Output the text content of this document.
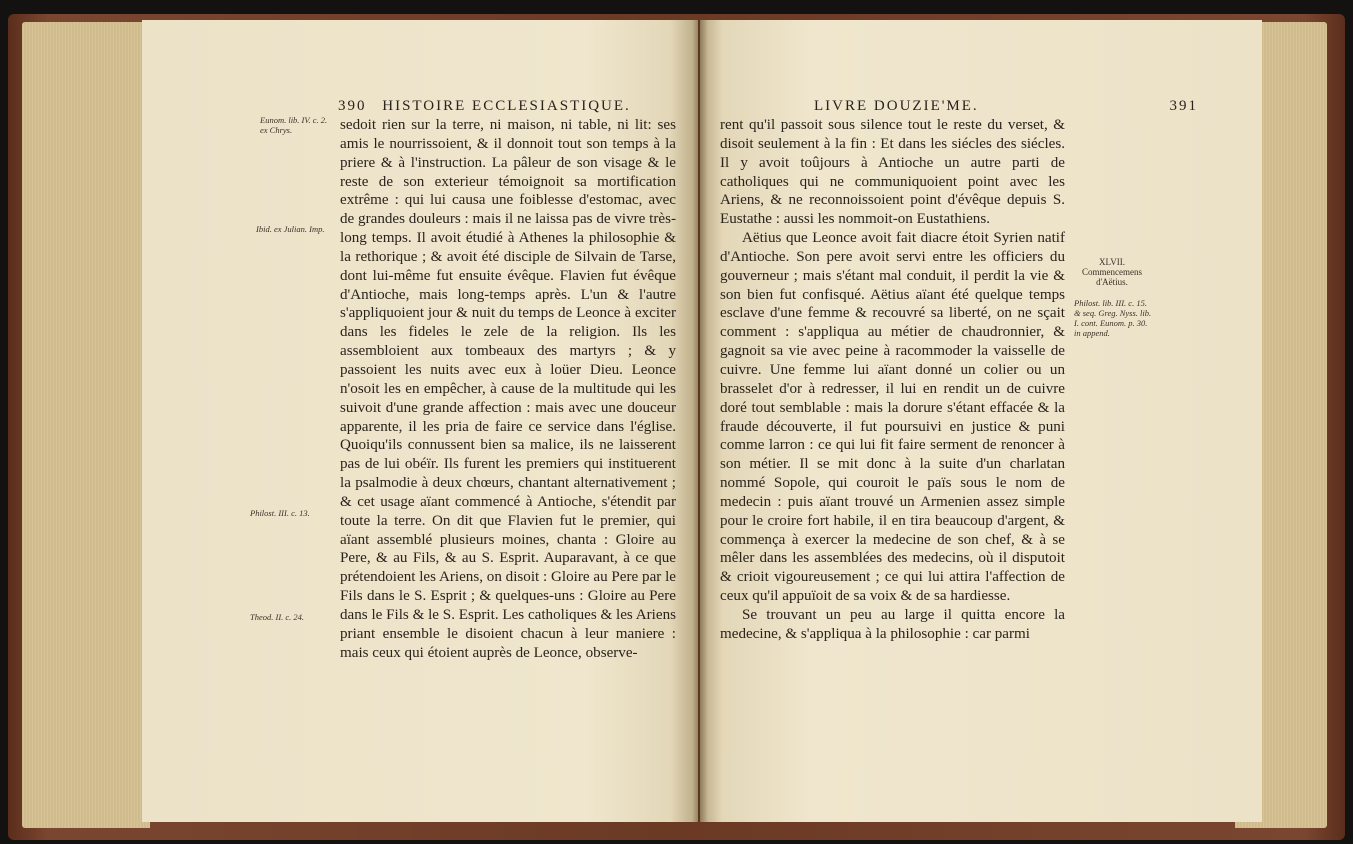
390 HISTOIRE ECCLESIASTIQUE.
Eunom. lib. IV. c. 2. ex Chrys.
Ibid. ex Julian. Imp.
Philost. III. c. 13.
Theod. II. c. 24.

sedoit rien sur la terre, ni maison, ni table, ni lit: ses amis le nourrissoient, & il donnoit tout son temps à la priere & à l'instruction. La pâleur de son visage & le reste de son exterieur témoignoit sa mortification extrême : qui lui causa une foiblesse d'estomac, avec de grandes douleurs : mais il ne laissa pas de vivre très-long temps. Il avoit étudié à Athenes la philosophie & la rethorique ; & avoit été disciple de Silvain de Tarse, dont lui-même fut ensuite évêque. Flavien fut évêque d'Antioche, mais long-temps après. L'un & l'autre s'appliquoient jour & nuit du temps de Leonce à exciter dans les fideles le zele de la religion. Ils les assembloient aux tombeaux des martyrs ; & y passoient les nuits avec eux à loüer Dieu. Leonce n'osoit les en empêcher, à cause de la multitude qui les suivoit d'une grande affection : mais avec une douceur apparente, il les pria de faire ce service dans l'église. Quoiqu'ils connussent bien sa malice, ils ne laisserent pas de lui obéïr. Ils furent les premiers qui instituerent la psalmodie à deux chœurs, chantant alternativement ; & cet usage aïant commencé à Antioche, s'étendit par toute la terre. On dit que Flavien fut le premier, qui aïant assemblé plusieurs moines, chanta : Gloire au Pere, & au Fils, & au S. Esprit. Auparavant, à ce que prétendoient les Ariens, on disoit : Gloire au Pere par le Fils dans le S. Esprit ; & quelques-uns : Gloire au Pere dans le Fils & le S. Esprit. Les catholiques & les Ariens priant ensemble le disoient chacun à leur maniere : mais ceux qui étoient auprès de Leonce, observe-

LIVRE DOUZIE'ME.	391

rent qu'il passoit sous silence tout le reste du verset, & disoit seulement à la fin : Et dans les siécles des siécles. Il y avoit toûjours à Antioche un autre parti de catholiques qui ne communiquoient point avec les Ariens, & ne reconnoissoient point d'évêque depuis S. Eustathe : aussi les nommoit-on Eustathiens.

Aëtius que Leonce avoit fait diacre étoit Syrien natif d'Antioche. Son pere avoit servi entre les officiers du gouverneur ; mais s'étant mal conduit, il perdit la vie & son bien fut confisqué. Aëtius aïant été quelque temps esclave d'une femme & recouvré sa liberté, on ne sçait comment : s'appliqua au métier de chaudronnier, & gagnoit sa vie avec peine à racommoder la vaisselle de cuivre. Une femme lui aïant donné un colier ou un brasselet d'or à redresser, il lui en rendit un de cuivre doré tout semblable : mais la dorure s'étant effacée & la fraude découverte, il fut poursuivi en justice & puni comme larron : ce qui lui fit faire serment de renoncer à son métier. Il se mit donc à la suite d'un charlatan nommé Sopole, qui couroit le païs sous le nom de medecin : puis aïant trouvé un Armenien assez simple pour le croire fort habile, il en tira beaucoup d'argent, & commença à exercer la medecine de son chef, & à se mêler dans les assemblées des medecins, où il disputoit & crioit vigoureusement ; ce qui lui attira l'affection de ceux qu'il appuïoit de sa voix & de sa hardiesse.

Se trouvant un peu au large il quitta encore la medecine, & s'appliqua à la philosophie : car parmi

XLVII.
Commencemens d'Aëtius.
Philost. lib. III. c. 15. & seq. Greg. Nyss. lib. I. cont. Eunom. p. 30. in append.
